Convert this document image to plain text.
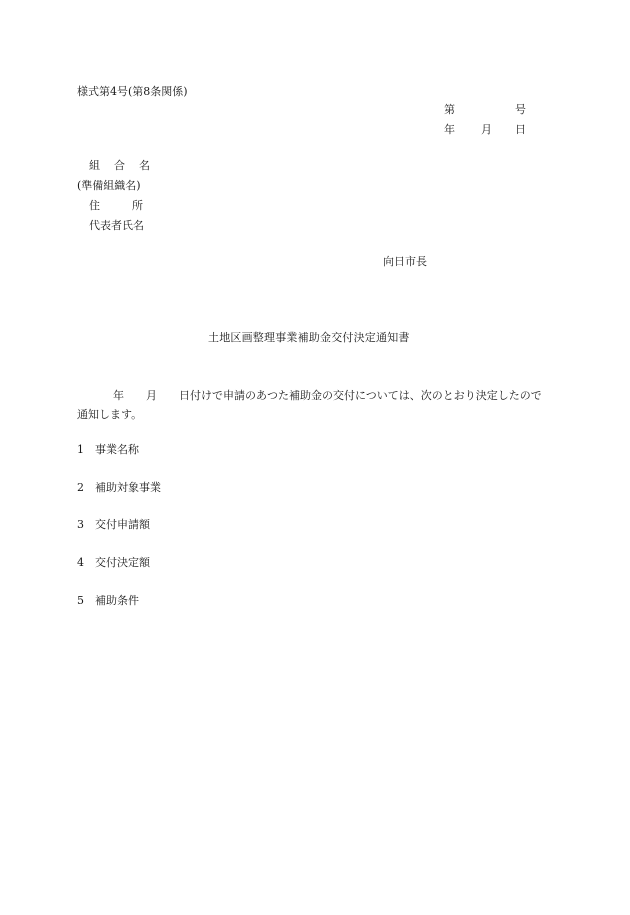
様式第4号(第8条関係)
第	号
年 月 日
組 合 名
(準備組織名)
住	所
代表者氏名
向日市長
土地区画整理事業補助金交付決定通知書
年 月 日付けで申請のあつた補助金の交付については、次のとおり決定したので通知します。
1 事業名称
2 補助対象事業
3 交付申請額
4 交付決定額
5 補助条件
